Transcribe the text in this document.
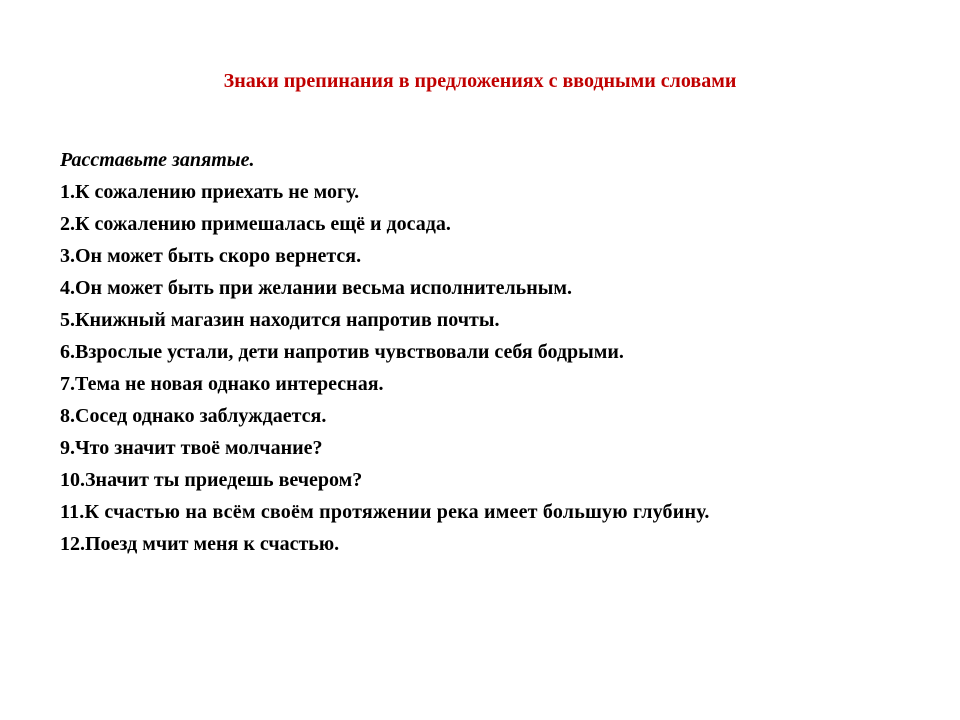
Знаки препинания в предложениях с вводными словами
Расставьте запятые.
1.К сожалению приехать не могу.
2.К сожалению примешалась ещё и досада.
3.Он может быть скоро вернется.
4.Он может быть при желании весьма исполнительным.
5.Книжный магазин находится напротив почты.
6.Взрослые устали, дети напротив чувствовали себя бодрыми.
7.Тема не новая однако интересная.
8.Сосед однако заблуждается.
9.Что значит твоё молчание?
10.Значит ты приедешь вечером?
11.К счастью на всём своём протяжении река имеет большую глубину.
12.Поезд мчит меня к счастью.
